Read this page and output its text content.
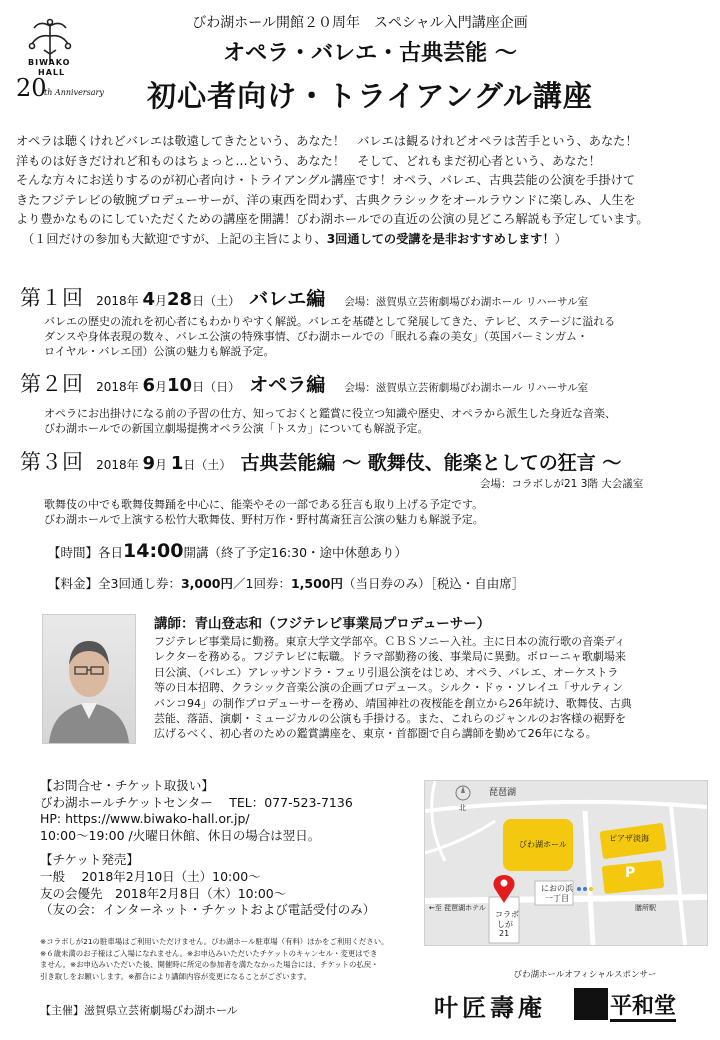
BIWAKO
HALL
20
th Anniversary
びわ湖ホール開館２０周年　スペシャル入門講座企画
オペラ・バレエ・古典芸能 ～
初心者向け・トライアングル講座

オペラは聴くけれどバレエは敬遠してきたという、あなた！　バレエは観るけれどオペラは苦手という、あなた！

洋ものは好きだけれど和ものはちょっと…という、あなた！　そして、どれもまだ初心者という、あなた！

そんな方々にお送りするのが初心者向け・トライアングル講座です！オペラ、バレエ、古典芸能の公演を手掛けて

きたフジテレビの敏腕プロデューサーが、洋の東西を問わず、古典クラシックをオールラウンドに楽しみ、人生を

より豊かなものにしていただくための講座を開講！びわ湖ホールでの直近の公演の見どころ解説も予定しています。

（１回だけの参加も大歓迎ですが、上記の主旨により、3回通しての受講を是非おすすめします！）

第１回 2018年 4月28日（土） バレエ編 会場：滋賀県立芸術劇場びわ湖ホール リハーサル室

バレエの歴史の流れを初心者にもわかりやすく解説。バレエを基礎として発展してきた、テレビ、ステージに溢れる

ダンスや身体表現の数々、バレエ公演の特殊事情、びわ湖ホールでの「眠れる森の美女」（英国バーミンガム・

ロイヤル・バレエ団）公演の魅力も解説予定。

第２回 2018年 6月10日（日） オペラ編 会場：滋賀県立芸術劇場びわ湖ホール リハーサル室

オペラにお出掛けになる前の予習の仕方、知っておくと鑑賞に役立つ知識や歴史、オペラから派生した身近な音楽、

びわ湖ホールでの新国立劇場提携オペラ公演「トスカ」についても解説予定。

第３回 2018年 9月 1日（土） 古典芸能編 ～ 歌舞伎、能楽としての狂言 ～
会場：コラボしが21 3階 大会議室

歌舞伎の中でも歌舞伎舞踊を中心に、能楽やその一部である狂言も取り上げる予定です。

びわ湖ホールで上演する松竹大歌舞伎、野村万作・野村萬斎狂言公演の魅力も解説予定。

【時間】各日14:00開講（終了予定16:30・途中休憩あり）
【料金】全3回通し券：3,000円／1回券：1,500円（当日券のみ）［税込・自由席］
講師：青山登志和（フジテレビ事業局プロデューサー）

フジテレビ事業局に勤務。東京大学文学部卒。ＣＢＳソニー入社。主に日本の流行歌の音楽ディ

レクターを務める。フジテレビに転職。ドラマ部勤務の後、事業局に異動。ボローニャ歌劇場来

日公演、（バレエ）アレッサンドラ・フェリ引退公演をはじめ、オペラ、バレエ、オーケストラ

等の日本招聘、クラシック音楽公演の企画プロデュース。シルク・ドゥ・ソレイユ「サルティン

バンコ94」の制作プロデューサーを務め、靖国神社の夜桜能を創立から26年続け、歌舞伎、古典

芸能、落語、演劇・ミュージカルの公演も手掛ける。また、これらのジャンルのお客様の裾野を

広げるべく、初心者のための鑑賞講座を、東京・首都圏で自ら講師を勤めて26年になる。

【お問合せ・チケット取扱い】

びわ湖ホールチケットセンター　 TEL：077-523-7136

HP: https://www.biwako-hall.or.jp/

10:00～19:00 /火曜日休館、休日の場合は翌日。

【チケット発売】

一般　 2018年2月10日（土）10:00～

友の会優先　2018年2月8日（木）10:00～

（友の会：インターネット・チケットおよび電話受付のみ）

※コラボしが21の駐車場はご利用いただけません。びわ湖ホール駐車場（有料）ほかをご利用ください。

※６歳未満のお子様はご入場になれません。※お申込みいただいたチケットのキャンセル・変更はでき

ません。※お申込みいただいた後、開催時に所定の参加者を満たなかった場合には、チケットの払戻・

引き取しをお願いします。※都合により講師内容が変更になることがございます。

【主催】滋賀県立芸術劇場びわ湖ホール
琵琶湖
びわ湖ホール
ピアザ淡海
P
におの浜
一丁目
コラボ
しが
21
←至 琵琶湖ホテル	膳所駅
北
びわ湖ホールオフィシャルスポンサー
叶匠壽庵	平和堂
